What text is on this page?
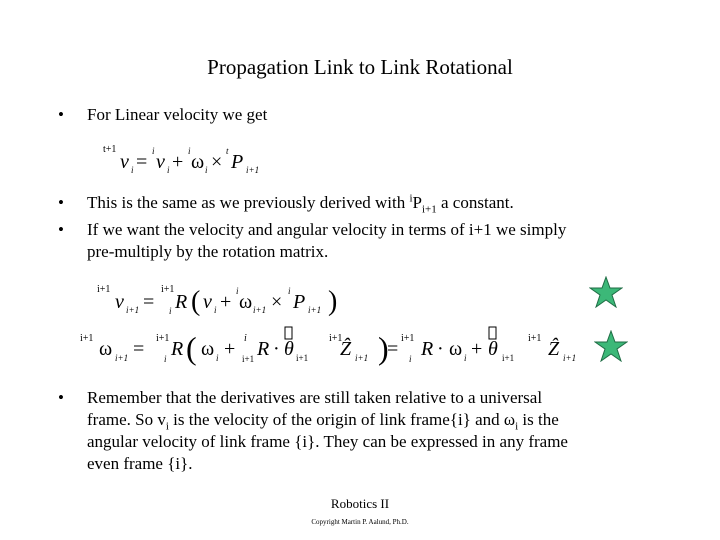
Propagation Link to Link Rotational
• For Linear velocity we get
t+1
v i = i v i + i ω i × t P i+1
• This is the same as we previously derived with $^iP_{i+1}$ a constant.
• If we want the velocity and angular velocity in terms of i+1 we simply
pre-multiply by the rotation matrix.
i+1
v i+1 =
i+1
i R ( v i + i ω i+1 × i P i+1 )
i+1 ω i+1 = i+1
i R ( ω i + i
i+1 R · θ i+1
i+1
Ẑ i+1 )
= i+1
i R · ω i + θ i+1
i+1 Ẑ i+1
• Remember that the derivatives are still taken relative to a universal
frame. So $v_i$ is the velocity of the origin of link frame{i} and $\omega_i$ is the
angular velocity of link frame {i}. They can be expressed in any frame
even frame {i}.
Robotics II
Copyright Martin P. Aalund, Ph.D.
